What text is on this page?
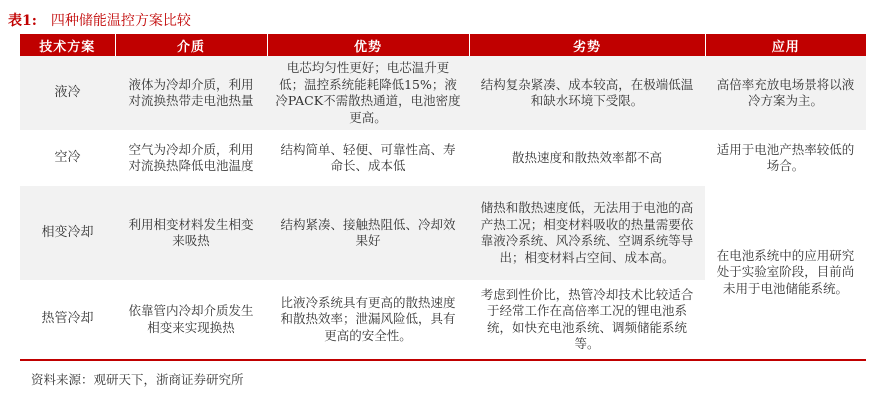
表1: 四种储能温控方案比较
技术方案	介质	优势	劣势	应用
液冷	液体为冷却介质，利用对流换热带走电池热量	电芯均匀性更好；电芯温升更低；温控系统能耗降低15%；液冷PACK不需散热通道，电池密度更高。	结构复杂紧凑、成本较高，在极端低温和缺水环境下受限。	高倍率充放电场景将以液冷方案为主。
空冷	空气为冷却介质，利用对流换热降低电池温度	结构简单、轻便、可靠性高、寿命长、成本低	散热速度和散热效率都不高	适用于电池产热率较低的场合。
相变冷却	利用相变材料发生相变来吸热	结构紧凑、接触热阻低、冷却效果好	储热和散热速度低，无法用于电池的高产热工况；相变材料吸收的热量需要依靠液冷系统、风冷系统、空调系统等导出；相变材料占空间、成本高。	在电池系统中的应用研究处于实验室阶段，目前尚未用于电池储能系统。
热管冷却	依靠管内冷却介质发生相变来实现换热	比液冷系统具有更高的散热速度和散热效率；泄漏风险低，具有更高的安全性。	考虑到性价比，热管冷却技术比较适合于经常工作在高倍率工况的锂电池系统，如快充电池系统、调频储能系统等。	
资料来源：观研天下，浙商证券研究所
